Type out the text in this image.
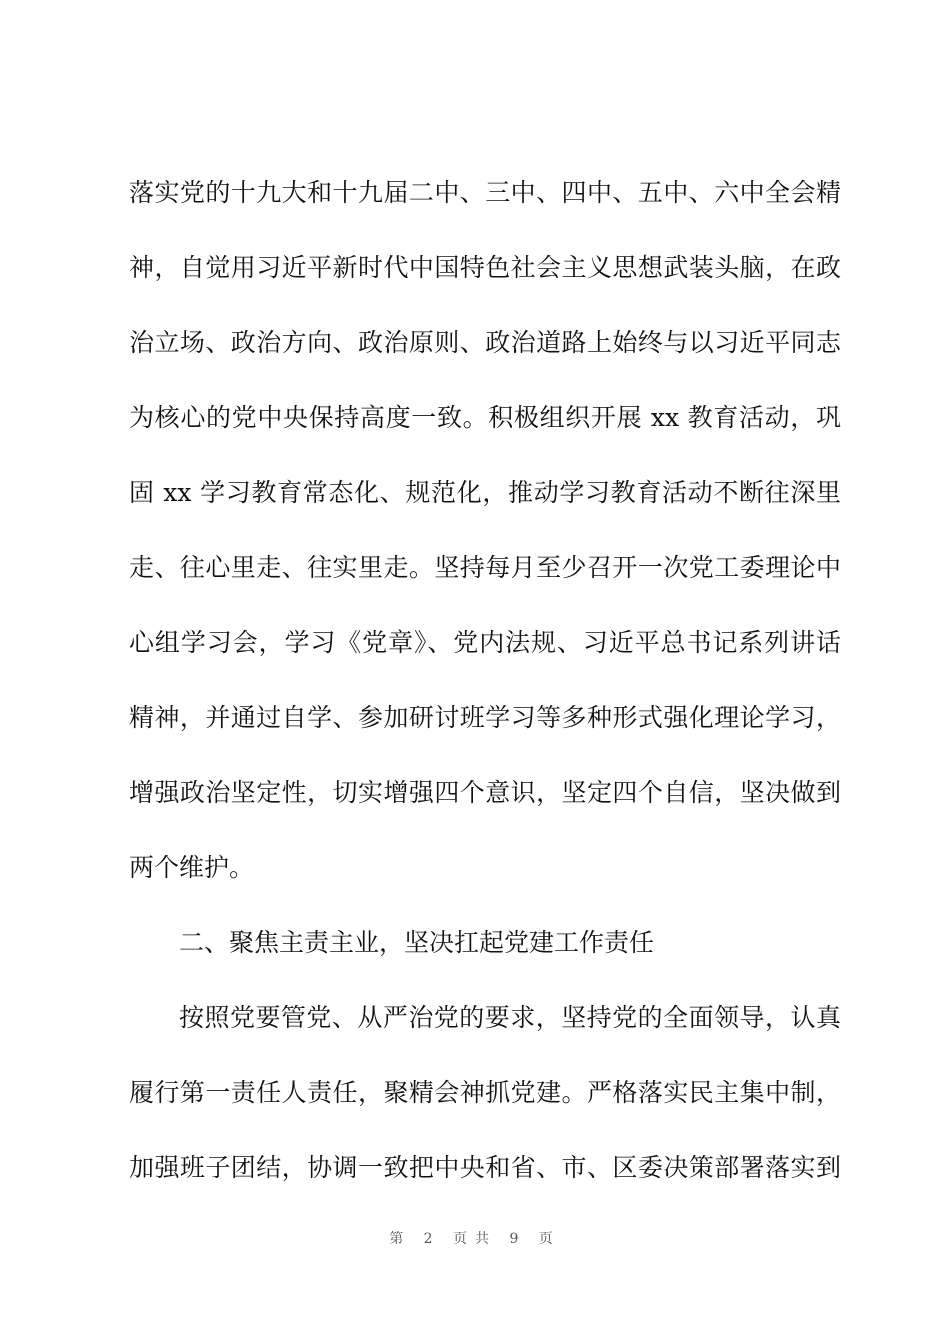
落实党的十九大和十九届二中、三中、四中、五中、六中全会精
神，自觉用习近平新时代中国特色社会主义思想武装头脑，在政
治立场、政治方向、政治原则、政治道路上始终与以习近平同志
为核心的党中央保持高度一致。积极组织开展 xx 教育活动，巩
固 xx 学习教育常态化、规范化，推动学习教育活动不断往深里
走、往心里走、往实里走。坚持每月至少召开一次党工委理论中
心组学习会，学习《党章》、党内法规、习近平总书记系列讲话
精神，并通过自学、参加研讨班学习等多种形式强化理论学习，
增强政治坚定性，切实增强四个意识，坚定四个自信，坚决做到
两个维护。
二、聚焦主责主业，坚决扛起党建工作责任
按照党要管党、从严治党的要求，坚持党的全面领导，认真
履行第一责任人责任，聚精会神抓党建。严格落实民主集中制，
加强班子团结，协调一致把中央和省、市、区委决策部署落实到
第 2 页共 9 页
